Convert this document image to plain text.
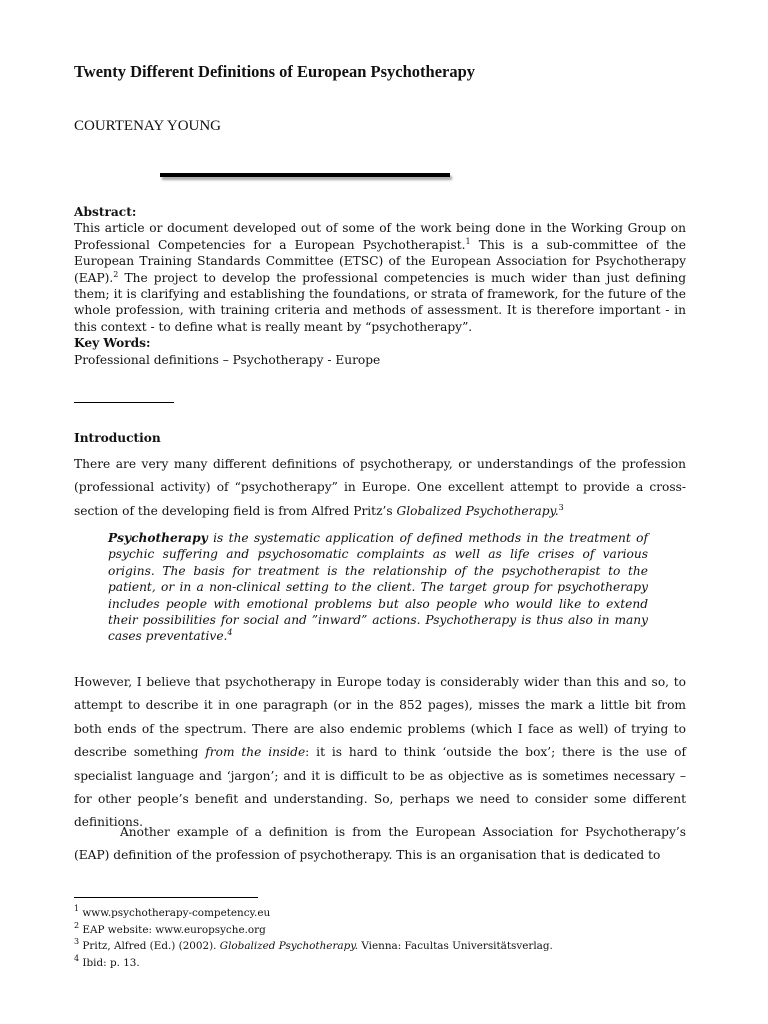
Twenty Different Definitions of European Psychotherapy

COURTENAY YOUNG

Abstract:

This article or document developed out of some of the work being done in the Working Group on Professional Competencies for a European Psychotherapist.$^1$ This is a sub-committee of the European Training Standards Committee (ETSC) of the European Association for Psychotherapy (EAP).$^2$ The project to develop the professional competencies is much wider than just defining them; it is clarifying and establishing the foundations, or strata of framework, for the future of the whole profession, with training criteria and methods of assessment. It is therefore important - in this context - to define what is really meant by “psychotherapy”.

Key Words:

Professional definitions – Psychotherapy - Europe

Introduction

There are very many different definitions of psychotherapy, or understandings of the profession (professional activity) of “psychotherapy” in Europe. One excellent attempt to provide a cross-section of the developing field is from Alfred Pritz’s Globalized Psychotherapy.$^3$

Psychotherapy is the systematic application of defined methods in the treatment of psychic suffering and psychosomatic complaints as well as life crises of various origins. The basis for treatment is the relationship of the psychotherapist to the patient, or in a non-clinical setting to the client. The target group for psychotherapy includes people with emotional problems but also people who would like to extend their possibilities for social and ”inward” actions. Psychotherapy is thus also in many cases preventative.$^4$

However, I believe that psychotherapy in Europe today is considerably wider than this and so, to attempt to describe it in one paragraph (or in the 852 pages), misses the mark a little bit from both ends of the spectrum. There are also endemic problems (which I face as well) of trying to describe something from the inside: it is hard to think ‘outside the box’; there is the use of specialist language and ‘jargon’; and it is difficult to be as objective as is sometimes necessary – for other people’s benefit and understanding. So, perhaps we need to consider some different definitions.

Another example of a definition is from the European Association for Psychotherapy’s (EAP) definition of the profession of psychotherapy. This is an organisation that is dedicated to

$^1$ www.psychotherapy-competency.eu
$^2$ EAP website: www.europsyche.org
$^3$ Pritz, Alfred (Ed.) (2002). Globalized Psychotherapy. Vienna: Facultas Universitätsverlag.
$^4$ Ibid: p. 13.
